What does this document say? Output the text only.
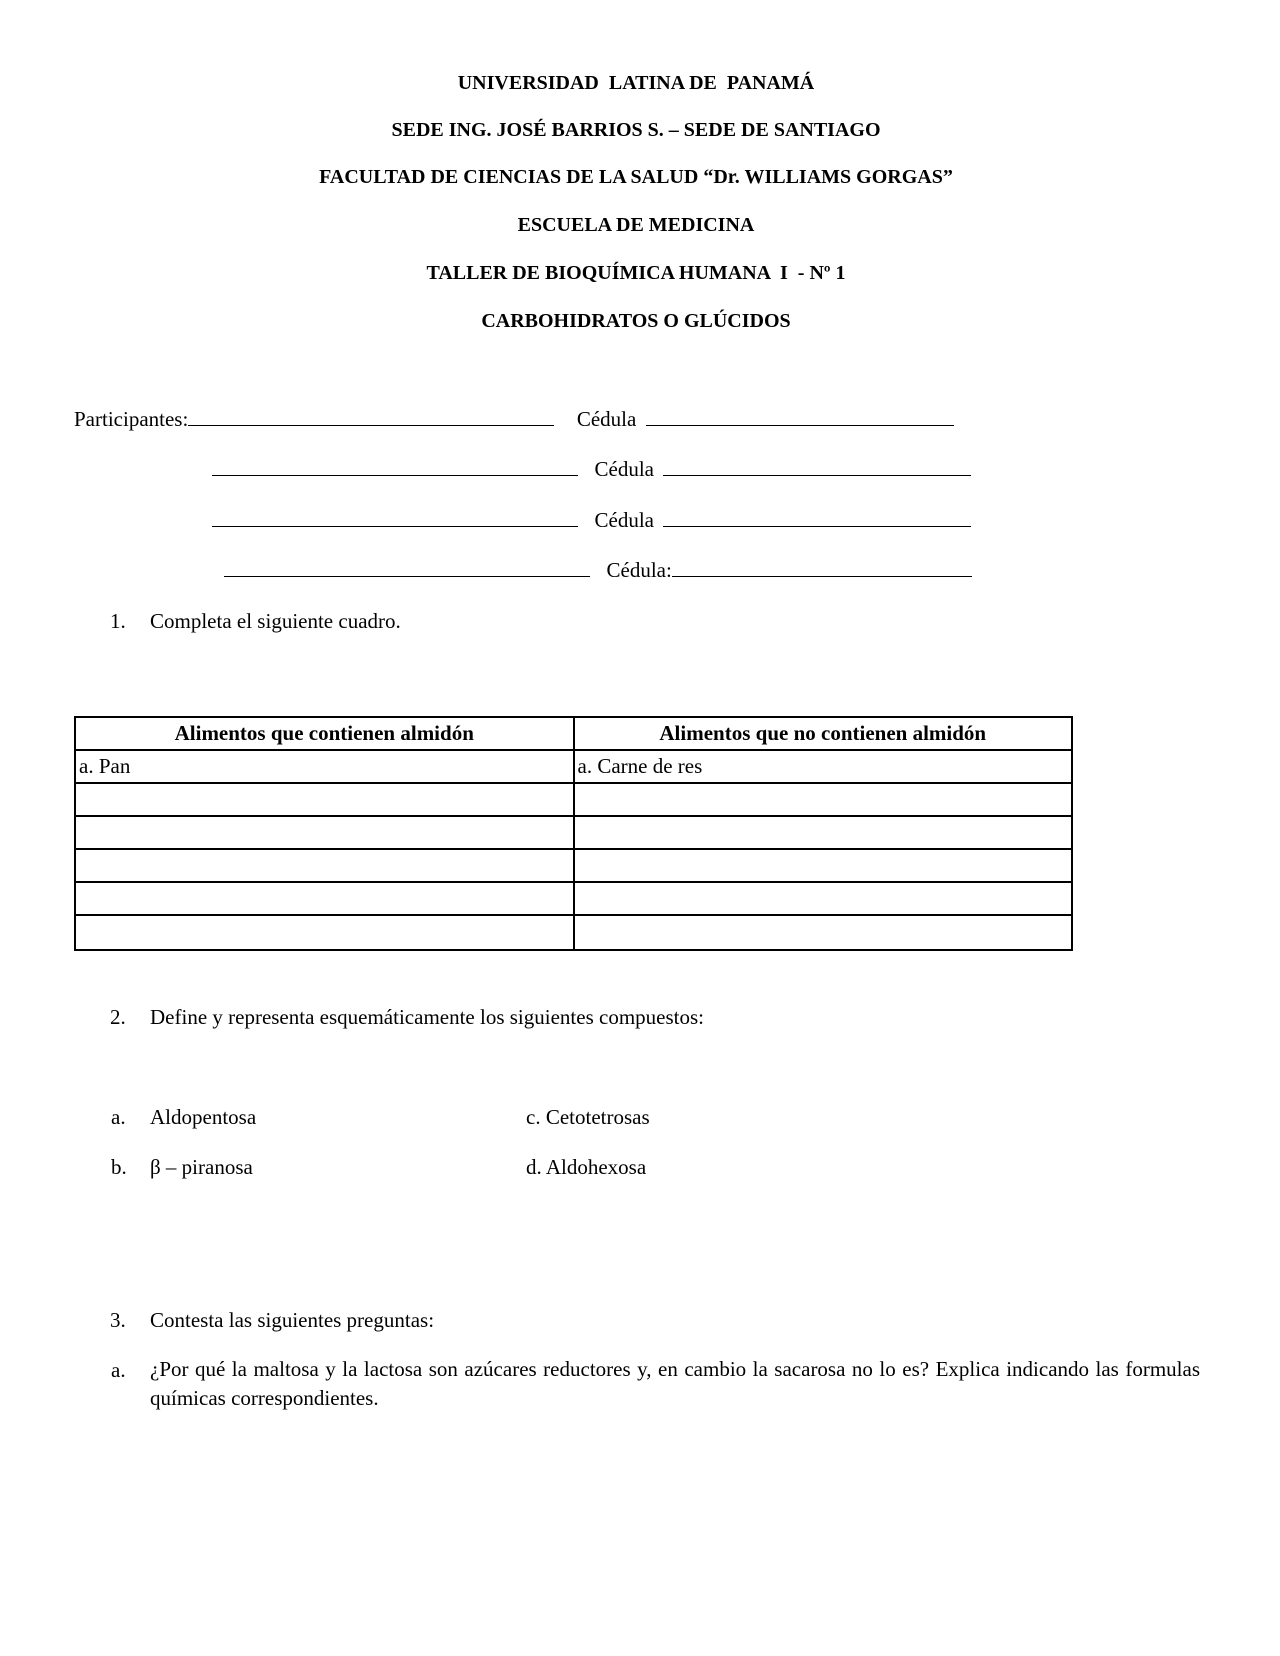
UNIVERSIDAD  LATINA DE  PANAMÁ
SEDE ING. JOSÉ BARRIOS S. – SEDE DE SANTIAGO
FACULTAD DE CIENCIAS DE LA SALUD “Dr. WILLIAMS GORGAS”
ESCUELA DE MEDICINA
TALLER DE BIOQUÍMICA HUMANA  I  - Nº 1
CARBOHIDRATOS O GLÚCIDOS
Participantes:	Cédula
Cédula
Cédula
Cédula:
1. Completa el siguiente cuadro.
Alimentos que contienen almidón	Alimentos que no contienen almidón
a. Pan	a. Carne de res

2. Define y representa esquemáticamente los siguientes compuestos:
a. Aldopentosa	c. Cetotetrosas
b. β – piranosa	d. Aldohexosa
3. Contesta las siguientes preguntas:
a. ¿Por qué la maltosa y la lactosa son azúcares reductores y, en cambio la sacarosa no lo es? Explica indicando las formulas químicas correspondientes.
